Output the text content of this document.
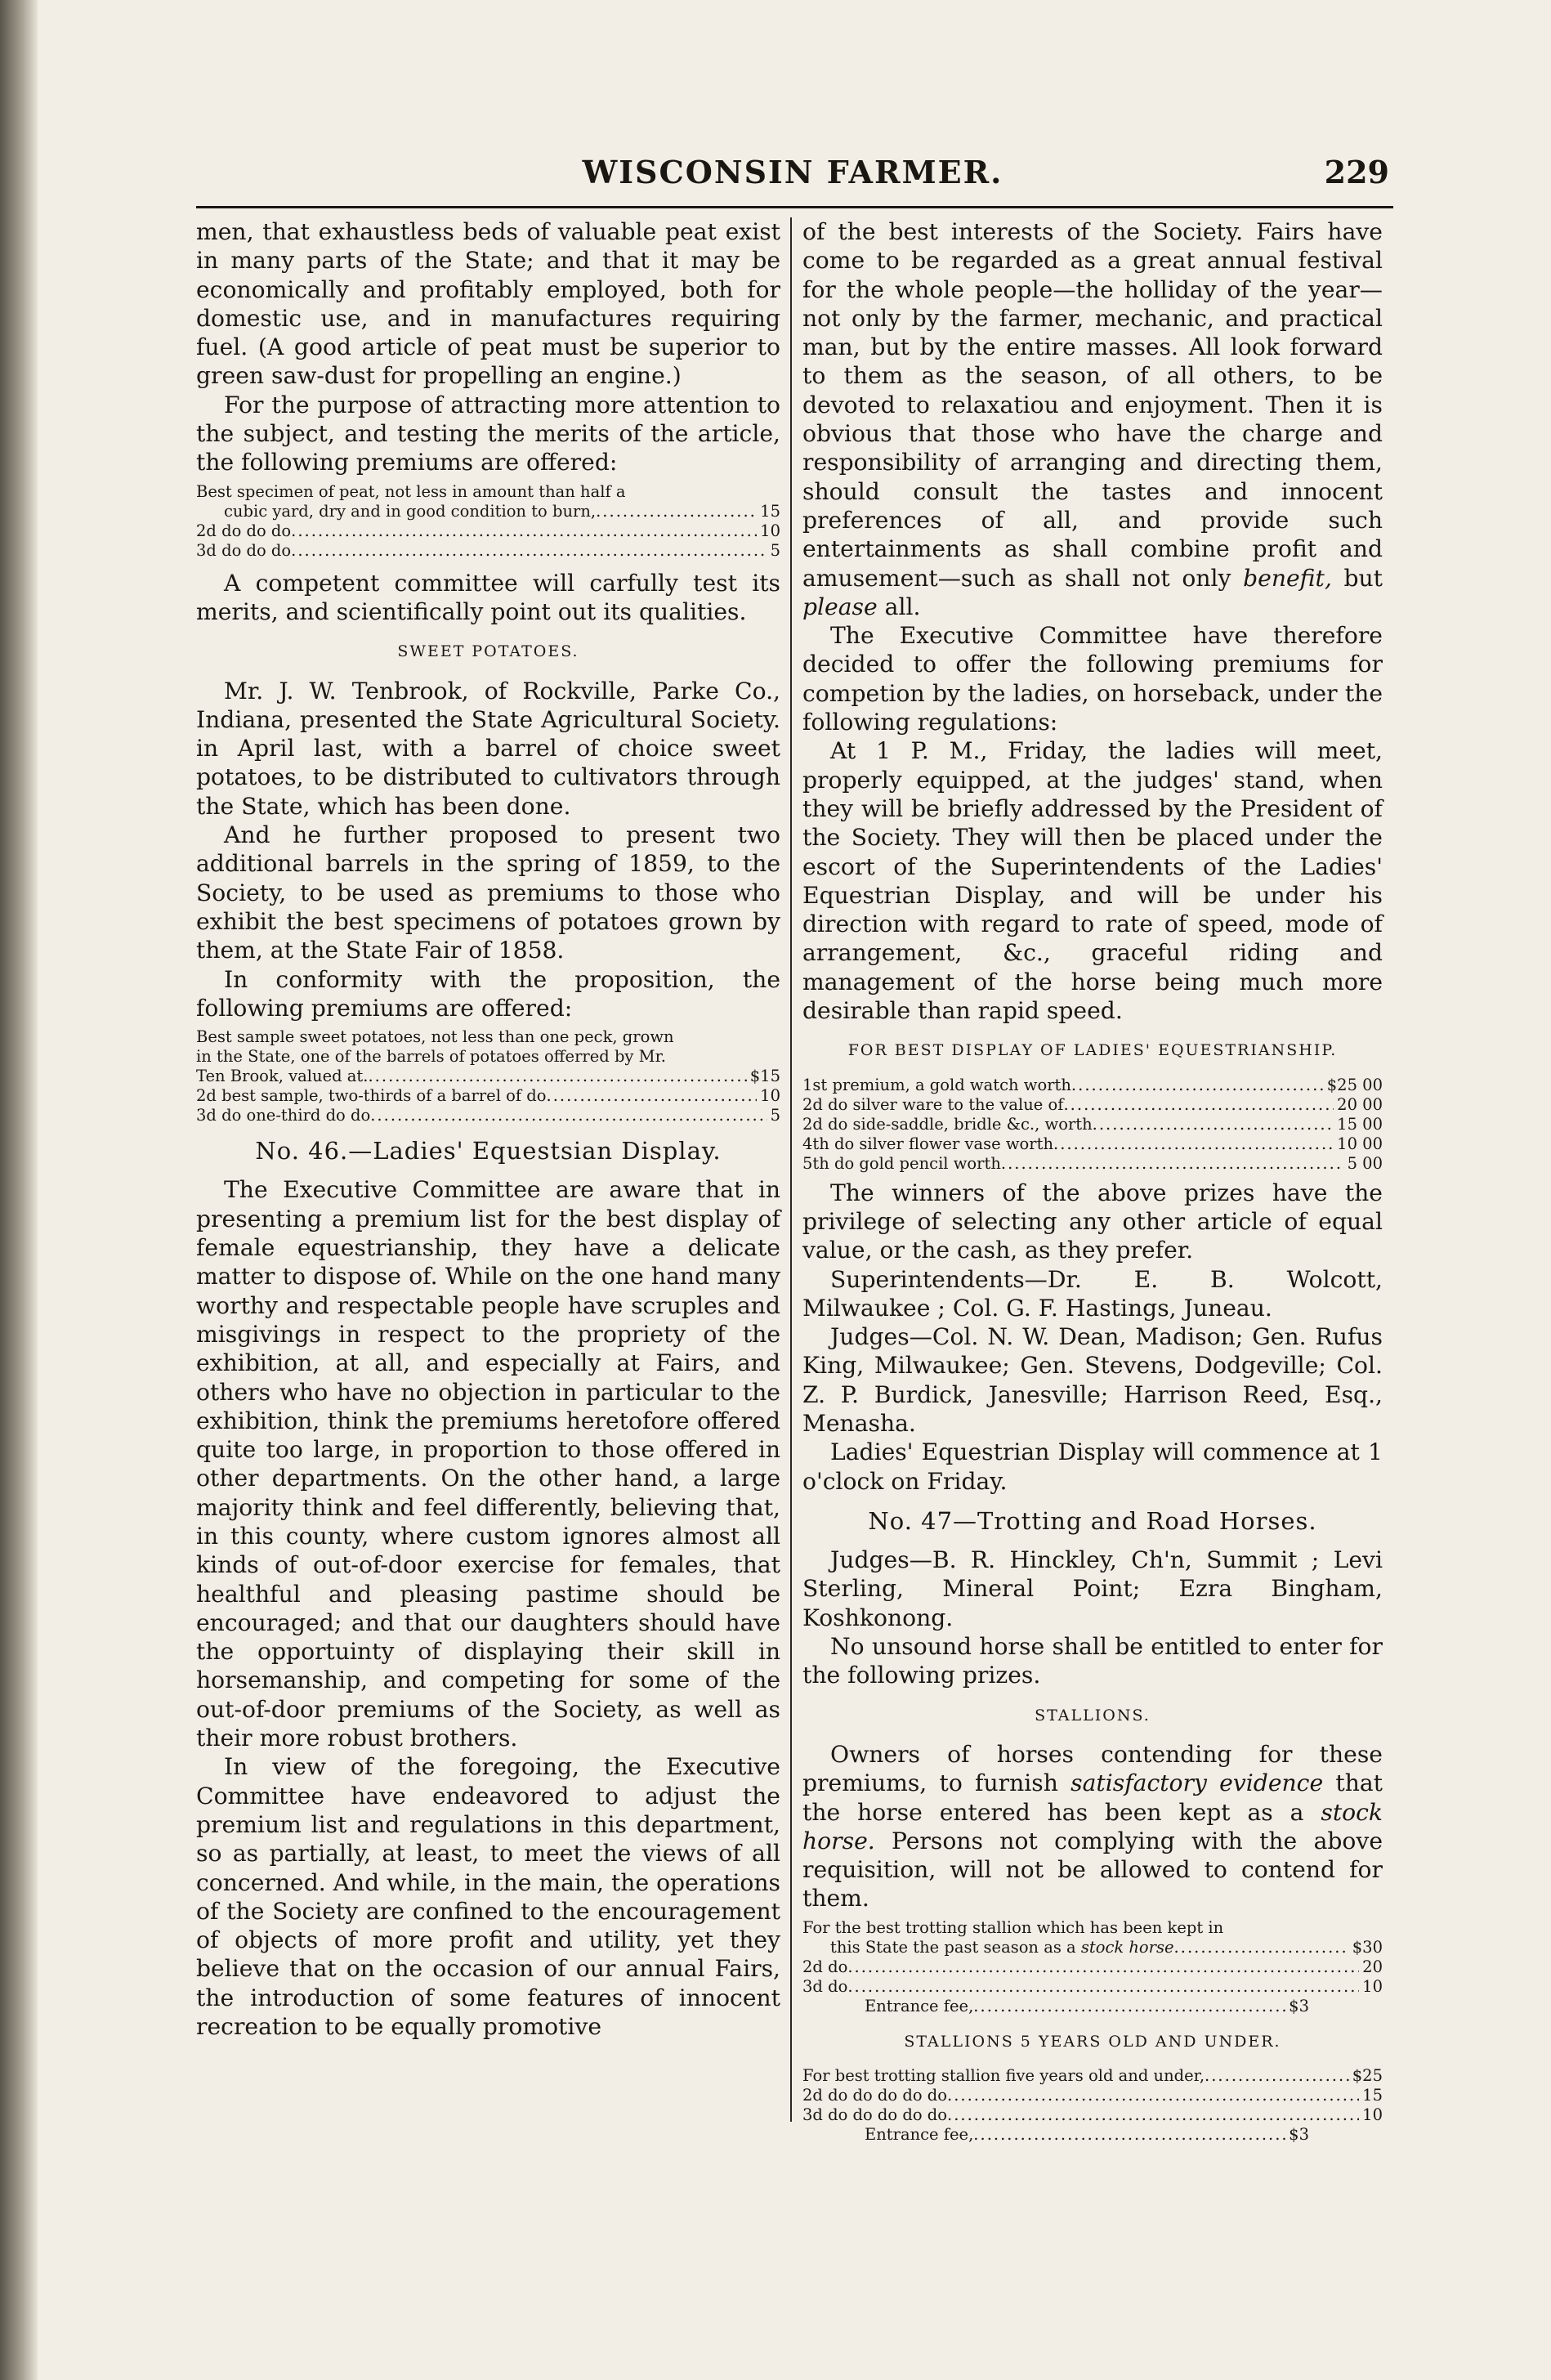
WISCONSIN FARMER.	229

men, that exhaustless beds of valuable peat exist in many parts of the State; and that it may be economically and profitably employed, both for domestic use, and in manufactures requiring fuel. (A good article of peat must be superior to green saw-dust for propelling an engine.)

For the purpose of attracting more attention to the subject, and testing the merits of the article, the following premiums are offered:

Best specimen of peat, not less in amount than half a
cubic yard, dry and in good condition to burn, .....	15
2d do do do .....	10
3d do do do .....	5

A competent committee will carfully test its merits, and scientifically point out its qualities.

SWEET POTATOES.

Mr. J. W. Tenbrook, of Rockville, Parke Co., Indiana, presented the State Agricultural Society. in April last, with a barrel of choice sweet potatoes, to be distributed to cultivators through the State, which has been done.

And he further proposed to present two additional barrels in the spring of 1859, to the Society, to be used as premiums to those who exhibit the best specimens of potatoes grown by them, at the State Fair of 1858.

In conformity with the proposition, the following premiums are offered:

Best sample sweet potatoes, not less than one peck, grown
in the State, one of the barrels of potatoes offerred by Mr.
Ten Brook, valued at. .....	$15
2d best sample, two-thirds of a barrel of do .....	10
3d do one-third do do .....	5
No. 46.—Ladies' Equestsian Display.

The Executive Committee are aware that in presenting a premium list for the best display of female equestrianship, they have a delicate matter to dispose of. While on the one hand many worthy and respectable people have scruples and misgivings in respect to the propriety of the exhibition, at all, and especially at Fairs, and others who have no objection in particular to the exhibition, think the premiums heretofore offered quite too large, in proportion to those offered in other departments. On the other hand, a large majority think and feel differently, believing that, in this county, where custom ignores almost all kinds of out-of-door exercise for females, that healthful and pleasing pastime should be encouraged; and that our daughters should have the opportuinty of displaying their skill in horsemanship, and competing for some of the out-of-door premiums of the Society, as well as their more robust brothers.

In view of the foregoing, the Executive Committee have endeavored to adjust the premium list and regulations in this department, so as partially, at least, to meet the views of all concerned. And while, in the main, the operations of the Society are confined to the encouragement of objects of more profit and utility, yet they believe that on the occasion of our annual Fairs, the introduction of some features of innocent recreation to be equally promotive

of the best interests of the Society. Fairs have come to be regarded as a great annual festival for the whole people—the holliday of the year—not only by the farmer, mechanic, and practical man, but by the entire masses. All look forward to them as the season, of all others, to be devoted to relaxatiou and enjoyment. Then it is obvious that those who have the charge and responsibility of arranging and directing them, should consult the tastes and innocent preferences of all, and provide such entertainments as shall combine profit and amusement—such as shall not only benefit, but please all.

The Executive Committee have therefore decided to offer the following premiums for competion by the ladies, on horseback, under the following regulations:

At 1 P. M., Friday, the ladies will meet, properly equipped, at the judges' stand, when they will be briefly addressed by the President of the Society. They will then be placed under the escort of the Superintendents of the Ladies' Equestrian Display, and will be under his direction with regard to rate of speed, mode of arrangement, &c., graceful riding and management of the horse being much more desirable than rapid speed.

FOR BEST DISPLAY OF LADIES' EQUESTRIANSHIP.
1st premium, a gold watch worth .....	$25 00
2d do silver ware to the value of .....	20 00
2d do side-saddle, bridle &c., worth .....	15 00
4th do silver flower vase worth .....	10 00
5th do gold pencil worth .....	5 00

The winners of the above prizes have the privilege of selecting any other article of equal value, or the cash, as they prefer.

Superintendents—Dr. E. B. Wolcott, Milwaukee ; Col. G. F. Hastings, Juneau.

Judges—Col. N. W. Dean, Madison; Gen. Rufus King, Milwaukee; Gen. Stevens, Dodgeville; Col. Z. P. Burdick, Janesville; Harrison Reed, Esq., Menasha.

Ladies' Equestrian Display will commence at 1 o'clock on Friday.

No. 47—Trotting and Road Horses.

Judges—B. R. Hinckley, Ch'n, Summit ; Levi Sterling, Mineral Point; Ezra Bingham, Koshkonong.

No unsound horse shall be entitled to enter for the following prizes.

STALLIONS.

Owners of horses contending for these premiums, to furnish satisfactory evidence that the horse entered has been kept as a stock horse. Persons not complying with the above requisition, will not be allowed to contend for them.

For the best trotting stallion which has been kept in
this State the past season as a stock horse .....	$30
2d do .....	20
3d do .....	10
Entrance fee, .....	$3
STALLIONS 5 YEARS OLD AND UNDER.
For best trotting stallion five years old and under, .....	$25
2d do do do do do .....	15
3d do do do do do .....	10
Entrance fee, .....	$3
